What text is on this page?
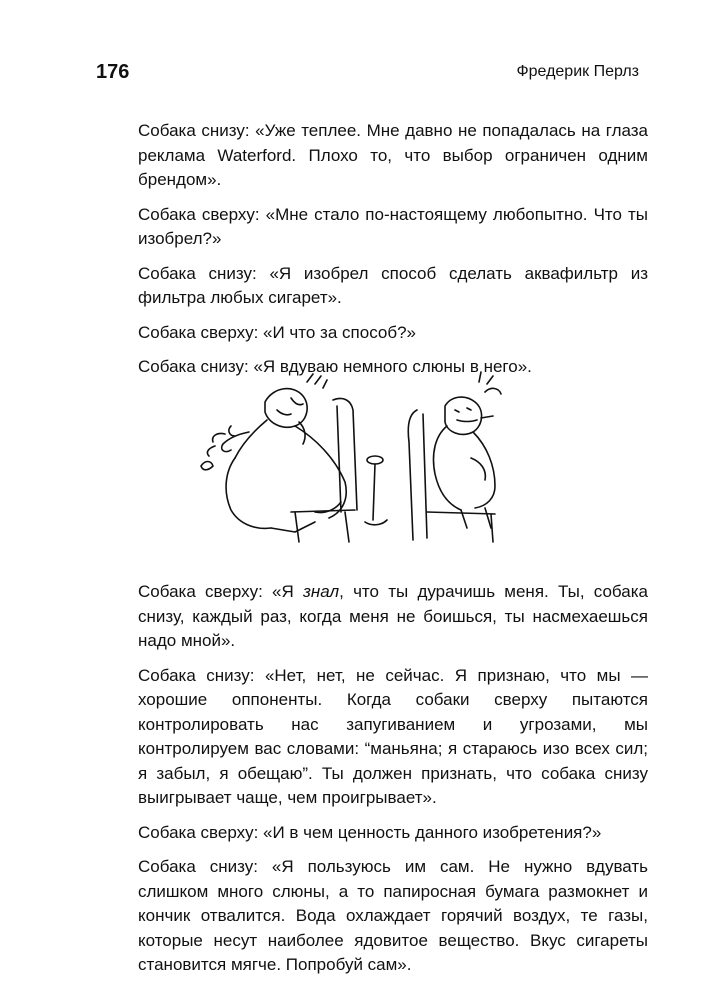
176	Фредерик Перлз

Собака снизу: «Уже теплее. Мне давно не попадалась на глаза реклама Waterford. Плохо то, что выбор ограничен одним брендом».

Собака сверху: «Мне стало по-настоящему любопытно. Что ты изобрел?»

Собака снизу: «Я изобрел способ сделать аквафильтр из фильтра любых сигарет».

Собака сверху: «И что за способ?»

Собака снизу: «Я вдуваю немного слюны в него».

Собака сверху: «Я знал, что ты дурачишь меня. Ты, собака снизу, каждый раз, когда меня не боишься, ты насмехаешься надо мной».

Собака снизу: «Нет, нет, не сейчас. Я признаю, что мы — хорошие оппоненты. Когда собаки сверху пытаются контролировать нас запугиванием и угрозами, мы контролируем вас словами: “маньяна; я стараюсь изо всех сил; я забыл, я обещаю”. Ты должен признать, что собака снизу выигрывает чаще, чем проигрывает».

Собака сверху: «И в чем ценность данного изобретения?»

Собака снизу: «Я пользуюсь им сам. Не нужно вдувать слишком много слюны, а то папиросная бумага размокнет и кончик отвалится. Вода охлаждает горячий воздух, те газы, которые несут наиболее ядовитое вещество. Вкус сигареты становится мягче. Попробуй сам».
